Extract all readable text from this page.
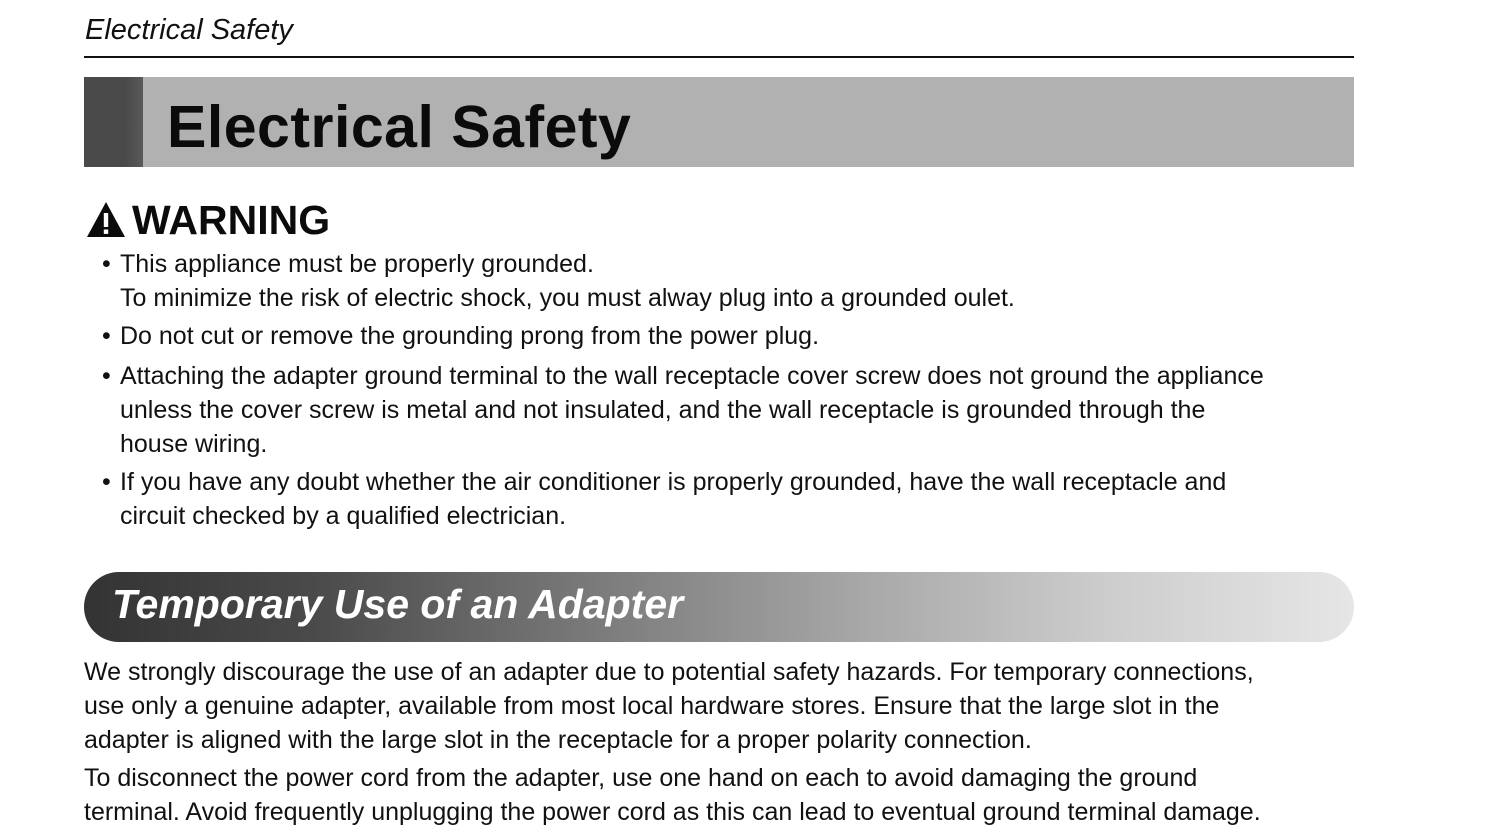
Electrical Safety
Electrical Safety
WARNING
• This appliance must be properly grounded.
To minimize the risk of electric shock, you must alway plug into a grounded oulet.
• Do not cut or remove the grounding prong from the power plug.
• Attaching the adapter ground terminal to the wall receptacle cover screw does not ground the appliance
unless the cover screw is metal and not insulated, and the wall receptacle is grounded through the
house wiring.
• If you have any doubt whether the air conditioner is properly grounded, have the wall receptacle and
circuit checked by a qualified electrician.
Temporary Use of an Adapter
We strongly discourage the use of an adapter due to potential safety hazards. For temporary connections,
use only a genuine adapter, available from most local hardware stores. Ensure that the large slot in the
adapter is aligned with the large slot in the receptacle for a proper polarity connection.
To disconnect the power cord from the adapter, use one hand on each to avoid damaging the ground
terminal. Avoid frequently unplugging the power cord as this can lead to eventual ground terminal damage.
